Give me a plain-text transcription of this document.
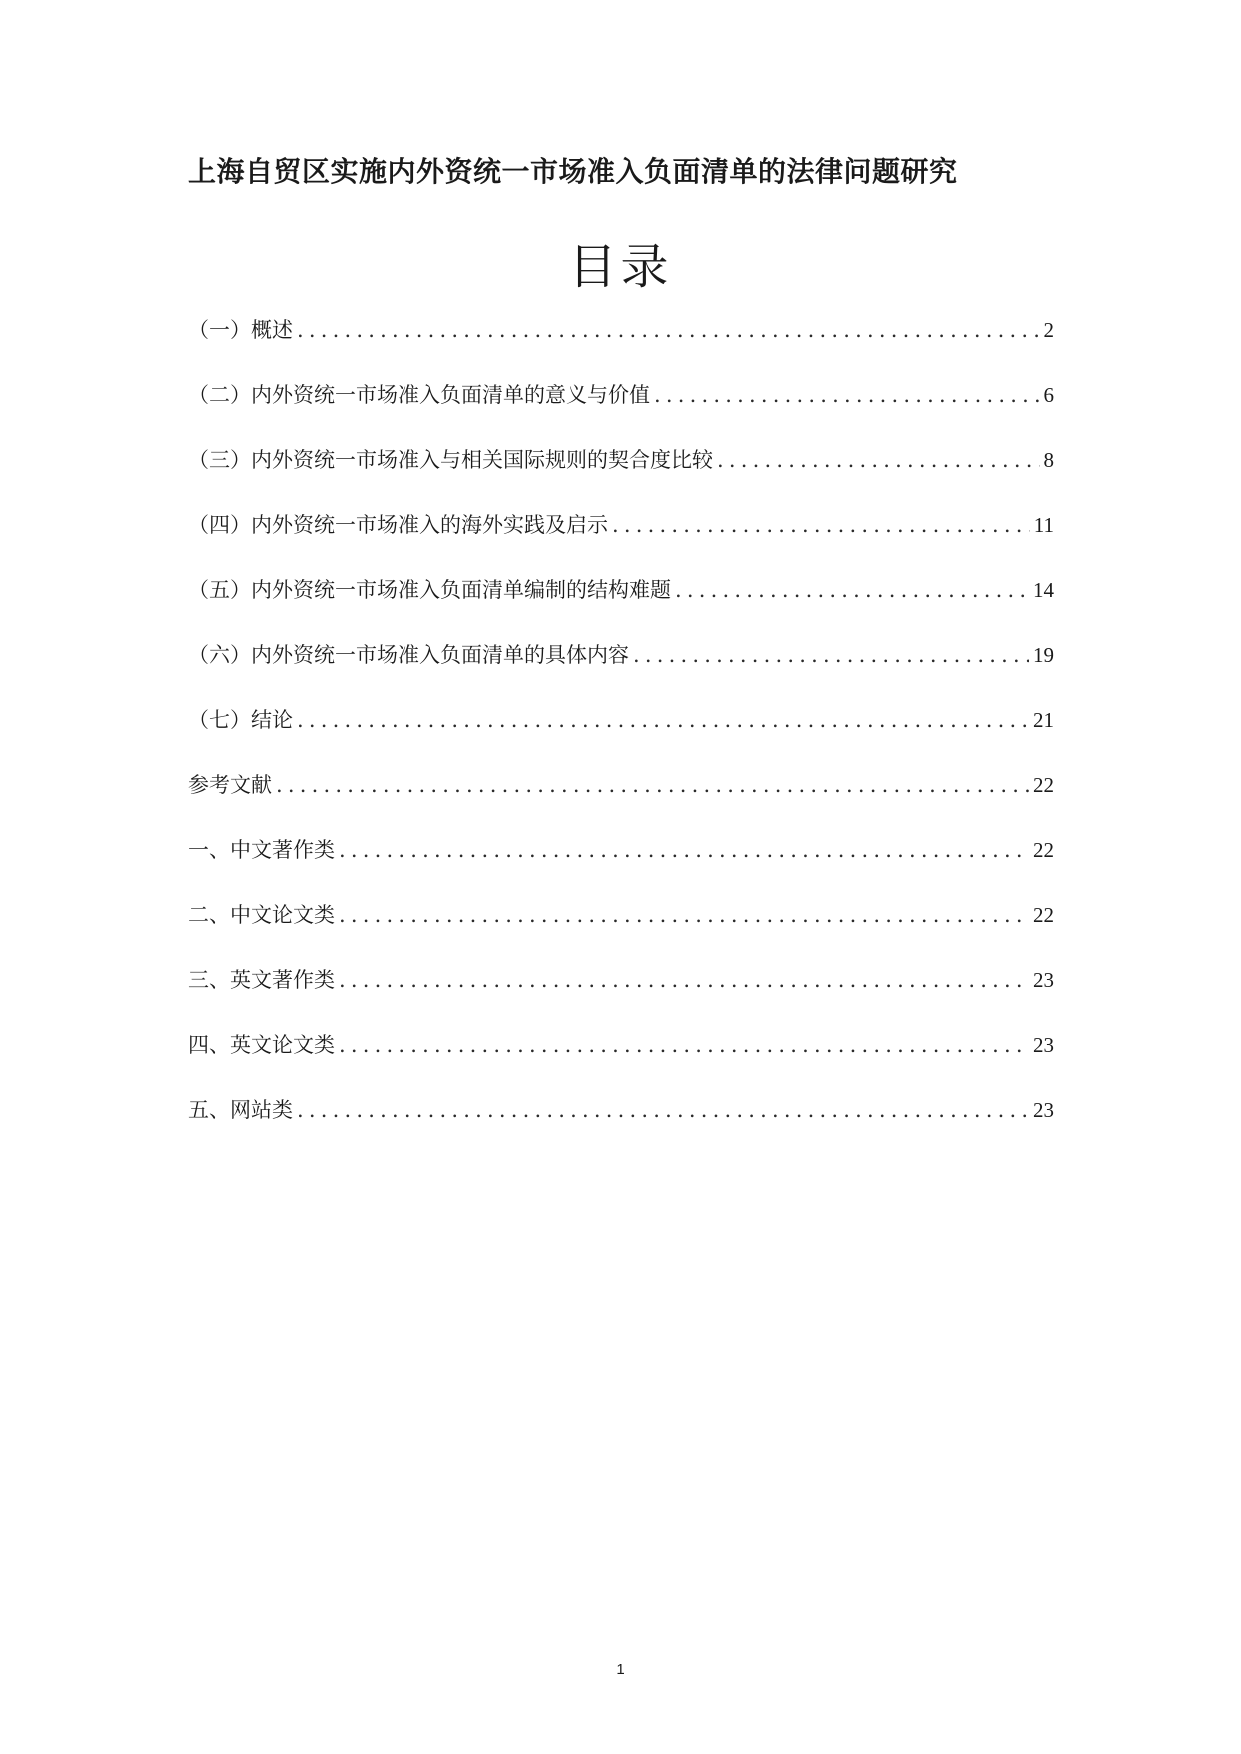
上海自贸区实施内外资统一市场准入负面清单的法律问题研究
目录
（一）概述 .....	2
（二）内外资统一市场准入负面清单的意义与价值 .....	6
（三）内外资统一市场准入与相关国际规则的契合度比较 .....	8
（四）内外资统一市场准入的海外实践及启示 .....	11
（五）内外资统一市场准入负面清单编制的结构难题 .....	14
（六）内外资统一市场准入负面清单的具体内容 .....	19
（七）结论 .....	21
参考文献 .....	22
一、中文著作类 .....	22
二、中文论文类 .....	22
三、英文著作类 .....	23
四、英文论文类 .....	23
五、网站类 .....	23
1
